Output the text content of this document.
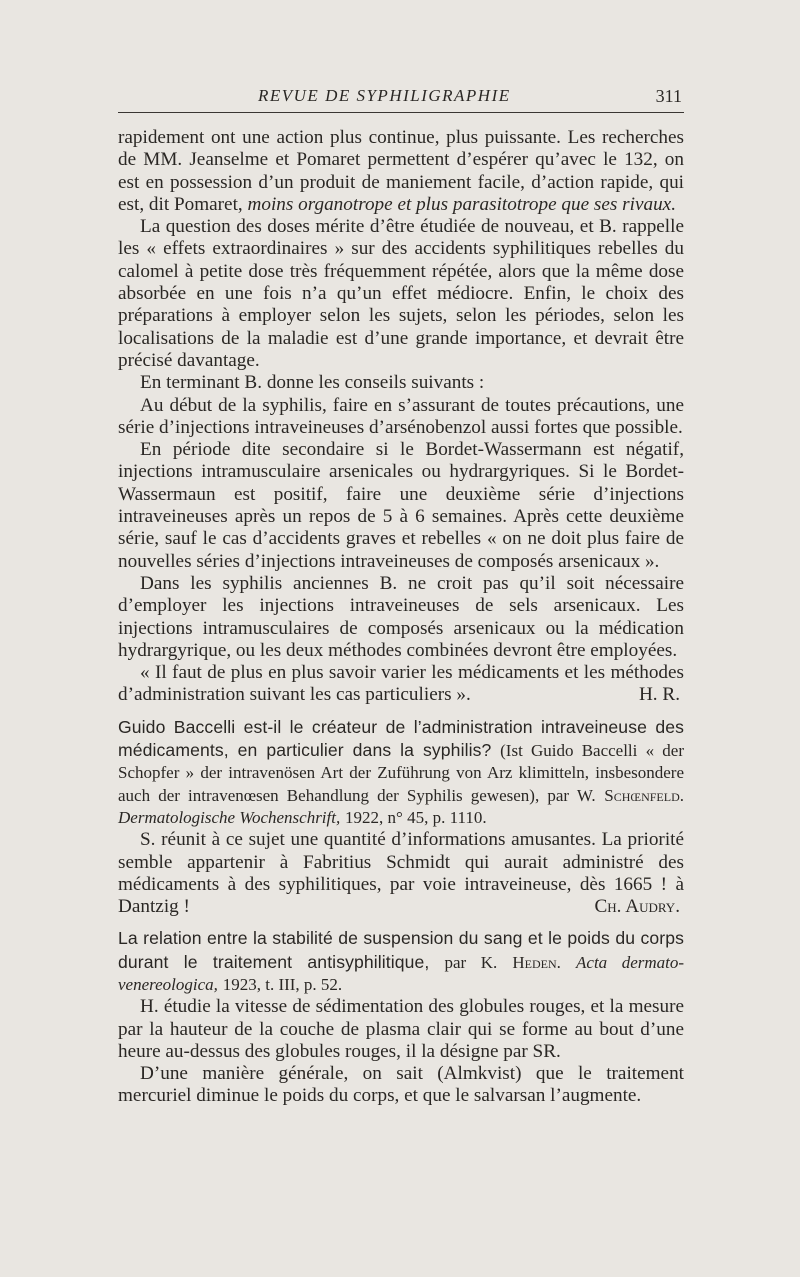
REVUE DE SYPHILIGRAPHIE	311

rapidement ont une action plus continue, plus puissante. Les recherches de MM. Jeanselme et Pomaret permettent d’espérer qu’avec le 132, on est en possession d’un produit de maniement facile, d’action rapide, qui est, dit Pomaret, moins organotrope et plus parasitotrope que ses rivaux.

La question des doses mérite d’être étudiée de nouveau, et B. rappelle les « effets extraordinaires » sur des accidents syphilitiques rebelles du calomel à petite dose très fréquemment répétée, alors que la même dose absorbée en une fois n’a qu’un effet médiocre. Enfin, le choix des préparations à employer selon les sujets, selon les périodes, selon les localisations de la maladie est d’une grande importance, et devrait être précisé davantage.

En terminant B. donne les conseils suivants :

Au début de la syphilis, faire en s’assurant de toutes précautions, une série d’injections intraveineuses d’arsénobenzol aussi fortes que possible.

En période dite secondaire si le Bordet-Wassermann est négatif, injections intramusculaire arsenicales ou hydrargyriques. Si le Bordet-Wassermaun est positif, faire une deuxième série d’injections intraveineuses après un repos de 5 à 6 semaines. Après cette deuxième série, sauf le cas d’accidents graves et rebelles « on ne doit plus faire de nouvelles séries d’injections intraveineuses de composés arsenicaux ».

Dans les syphilis anciennes B. ne croit pas qu’il soit nécessaire d’employer les injections intraveineuses de sels arsenicaux. Les injections intramusculaires de composés arsenicaux ou la médication hydrargyrique, ou les deux méthodes combinées devront être employées.

« Il faut de plus en plus savoir varier les médicaments et les méthodes d’administration suivant les cas particuliers ».	H. R.

Guido Baccelli est-il le créateur de l’administration intraveineuse des médicaments, en particulier dans la syphilis? (Ist Guido Baccelli « der Schopfer » der intravenösen Art der Zuführung von Arz klimitteln, insbesondere auch der intravenœsen Behandlung der Syphilis gewesen), par W. Schœnfeld. Dermatologische Wochenschrift, 1922, n° 45, p. 1110.

S. réunit à ce sujet une quantité d’informations amusantes. La priorité semble appartenir à Fabritius Schmidt qui aurait administré des médicaments à des syphilitiques, par voie intraveineuse, dès 1665 ! à Dantzig !	Ch. Audry.

La relation entre la stabilité de suspension du sang et le poids du corps durant le traitement antisyphilitique, par K. Heden. Acta dermato-venereologica, 1923, t. III, p. 52.

H. étudie la vitesse de sédimentation des globules rouges, et la mesure par la hauteur de la couche de plasma clair qui se forme au bout d’une heure au-dessus des globules rouges, il la désigne par SR.

D’une manière générale, on sait (Almkvist) que le traitement mercuriel diminue le poids du corps, et que le salvarsan l’augmente.
